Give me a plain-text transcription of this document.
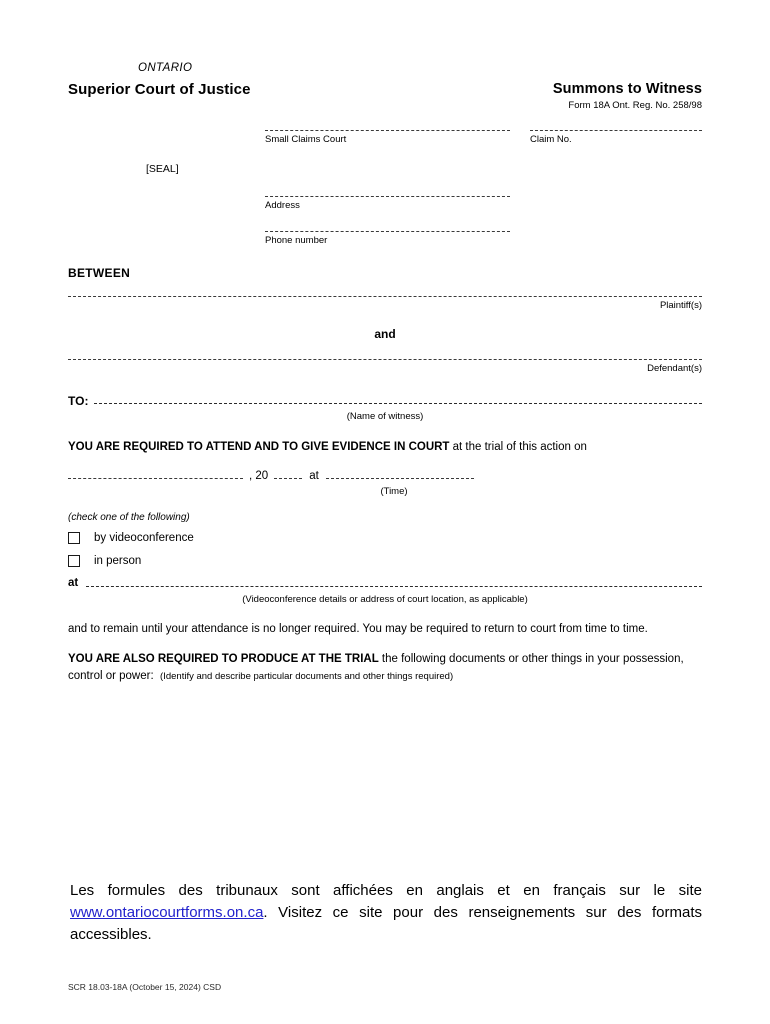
ONTARIO
Superior Court of Justice	Summons to Witness
Form 18A Ont. Reg. No. 258/98
[SEAL]
Small Claims Court	Claim No.
Address
Phone number
BETWEEN
Plaintiff(s)
and
Defendant(s)
TO:
(Name of witness)
YOU ARE REQUIRED TO ATTEND AND TO GIVE EVIDENCE IN COURT at the trial of this action on
, 20	at
(Time)
(check one of the following)
by videoconference
in person
at
(Videoconference details or address of court location, as applicable)
and to remain until your attendance is no longer required. You may be required to return to court from time to time.
YOU ARE ALSO REQUIRED TO PRODUCE AT THE TRIAL the following documents or other things in your possession, control or power: (Identify and describe particular documents and other things required)
Les formules des tribunaux sont affichées en anglais et en français sur le site www.ontariocourtforms.on.ca. Visitez ce site pour des renseignements sur des formats accessibles.
SCR 18.03-18A (October 15, 2024) CSD
